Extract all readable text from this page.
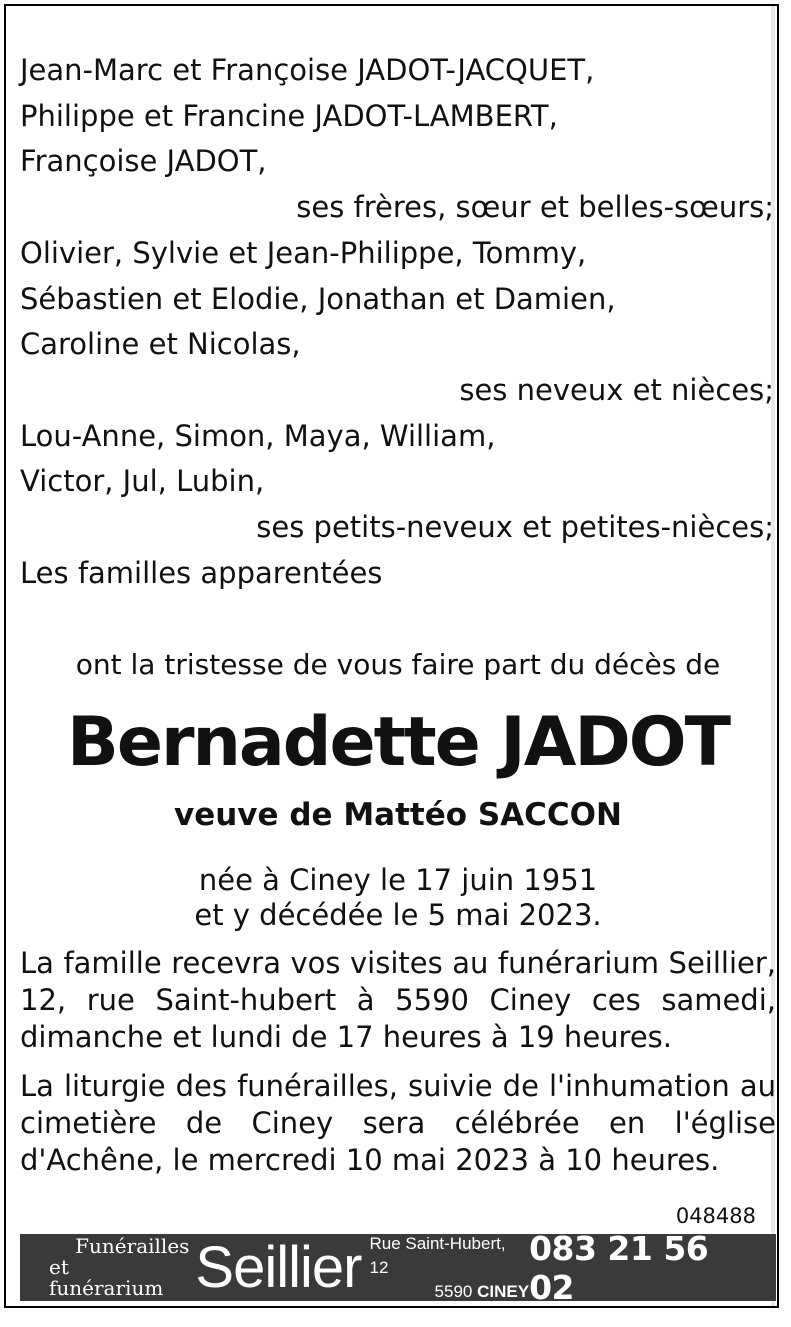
Jean-Marc et Françoise JADOT-JACQUET,
Philippe et Francine JADOT-LAMBERT,
Françoise JADOT,
ses frères, sœur et belles-sœurs;
Olivier, Sylvie et Jean-Philippe, Tommy,
Sébastien et Elodie, Jonathan et Damien,
Caroline et Nicolas,
ses neveux et nièces;
Lou-Anne, Simon, Maya, William,
Victor, Jul, Lubin,
ses petits-neveux et petites-nièces;
Les familles apparentées
ont la tristesse de vous faire part du décès de
Bernadette JADOT
veuve de Mattéo SACCON
née à Ciney le 17 juin 1951
et y décédée le 5 mai 2023.
La famille recevra vos visites au funérarium Seillier, 12, rue Saint-hubert à 5590 Ciney ces samedi, dimanche et lundi de 17 heures à 19 heures.
La liturgie des funérailles, suivie de l'inhumation au cimetière de Ciney sera célébrée en l'église d'Achêne, le mercredi 10 mai 2023 à 10 heures.
048488
Funérailles
et funérarium Seillier Rue Saint-Hubert, 12
5590 CINEY
083 21 56 02
